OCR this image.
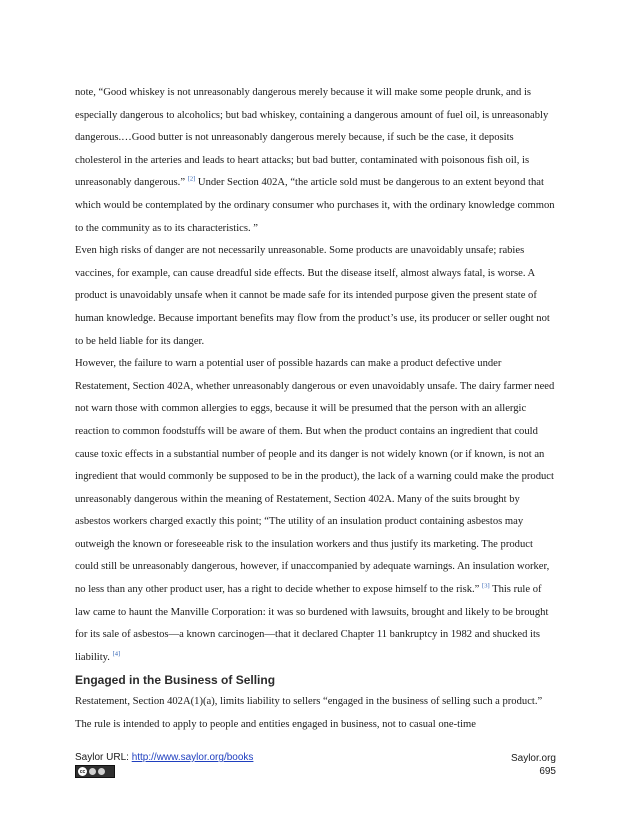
note, “Good whiskey is not unreasonably dangerous merely because it will make some people drunk, and is especially dangerous to alcoholics; but bad whiskey, containing a dangerous amount of fuel oil, is unreasonably dangerous.…Good butter is not unreasonably dangerous merely because, if such be the case, it deposits cholesterol in the arteries and leads to heart attacks; but bad butter, contaminated with poisonous fish oil, is unreasonably dangerous.” [2] Under Section 402A, “the article sold must be dangerous to an extent beyond that which would be contemplated by the ordinary consumer who purchases it, with the ordinary knowledge common to the community as to its characteristics. ”

Even high risks of danger are not necessarily unreasonable. Some products are unavoidably unsafe; rabies vaccines, for example, can cause dreadful side effects. But the disease itself, almost always fatal, is worse. A product is unavoidably unsafe when it cannot be made safe for its intended purpose given the present state of human knowledge. Because important benefits may flow from the product’s use, its producer or seller ought not to be held liable for its danger.

However, the failure to warn a potential user of possible hazards can make a product defective under Restatement, Section 402A, whether unreasonably dangerous or even unavoidably unsafe. The dairy farmer need not warn those with common allergies to eggs, because it will be presumed that the person with an allergic reaction to common foodstuffs will be aware of them. But when the product contains an ingredient that could cause toxic effects in a substantial number of people and its danger is not widely known (or if known, is not an ingredient that would commonly be supposed to be in the product), the lack of a warning could make the product unreasonably dangerous within the meaning of Restatement, Section 402A. Many of the suits brought by asbestos workers charged exactly this point; “The utility of an insulation product containing asbestos may outweigh the known or foreseeable risk to the insulation workers and thus justify its marketing. The product could still be unreasonably dangerous, however, if unaccompanied by adequate warnings. An insulation worker, no less than any other product user, has a right to decide whether to expose himself to the risk.” [3] This rule of law came to haunt the Manville Corporation: it was so burdened with lawsuits, brought and likely to be brought for its sale of asbestos—a known carcinogen—that it declared Chapter 11 bankruptcy in 1982 and shucked its liability. [4]

Engaged in the Business of Selling

Restatement, Section 402A(1)(a), limits liability to sellers “engaged in the business of selling such a product.” The rule is intended to apply to people and entities engaged in business, not to casual one-time

Saylor URL: http://www.saylor.org/books
cc
Saylor.org
695
